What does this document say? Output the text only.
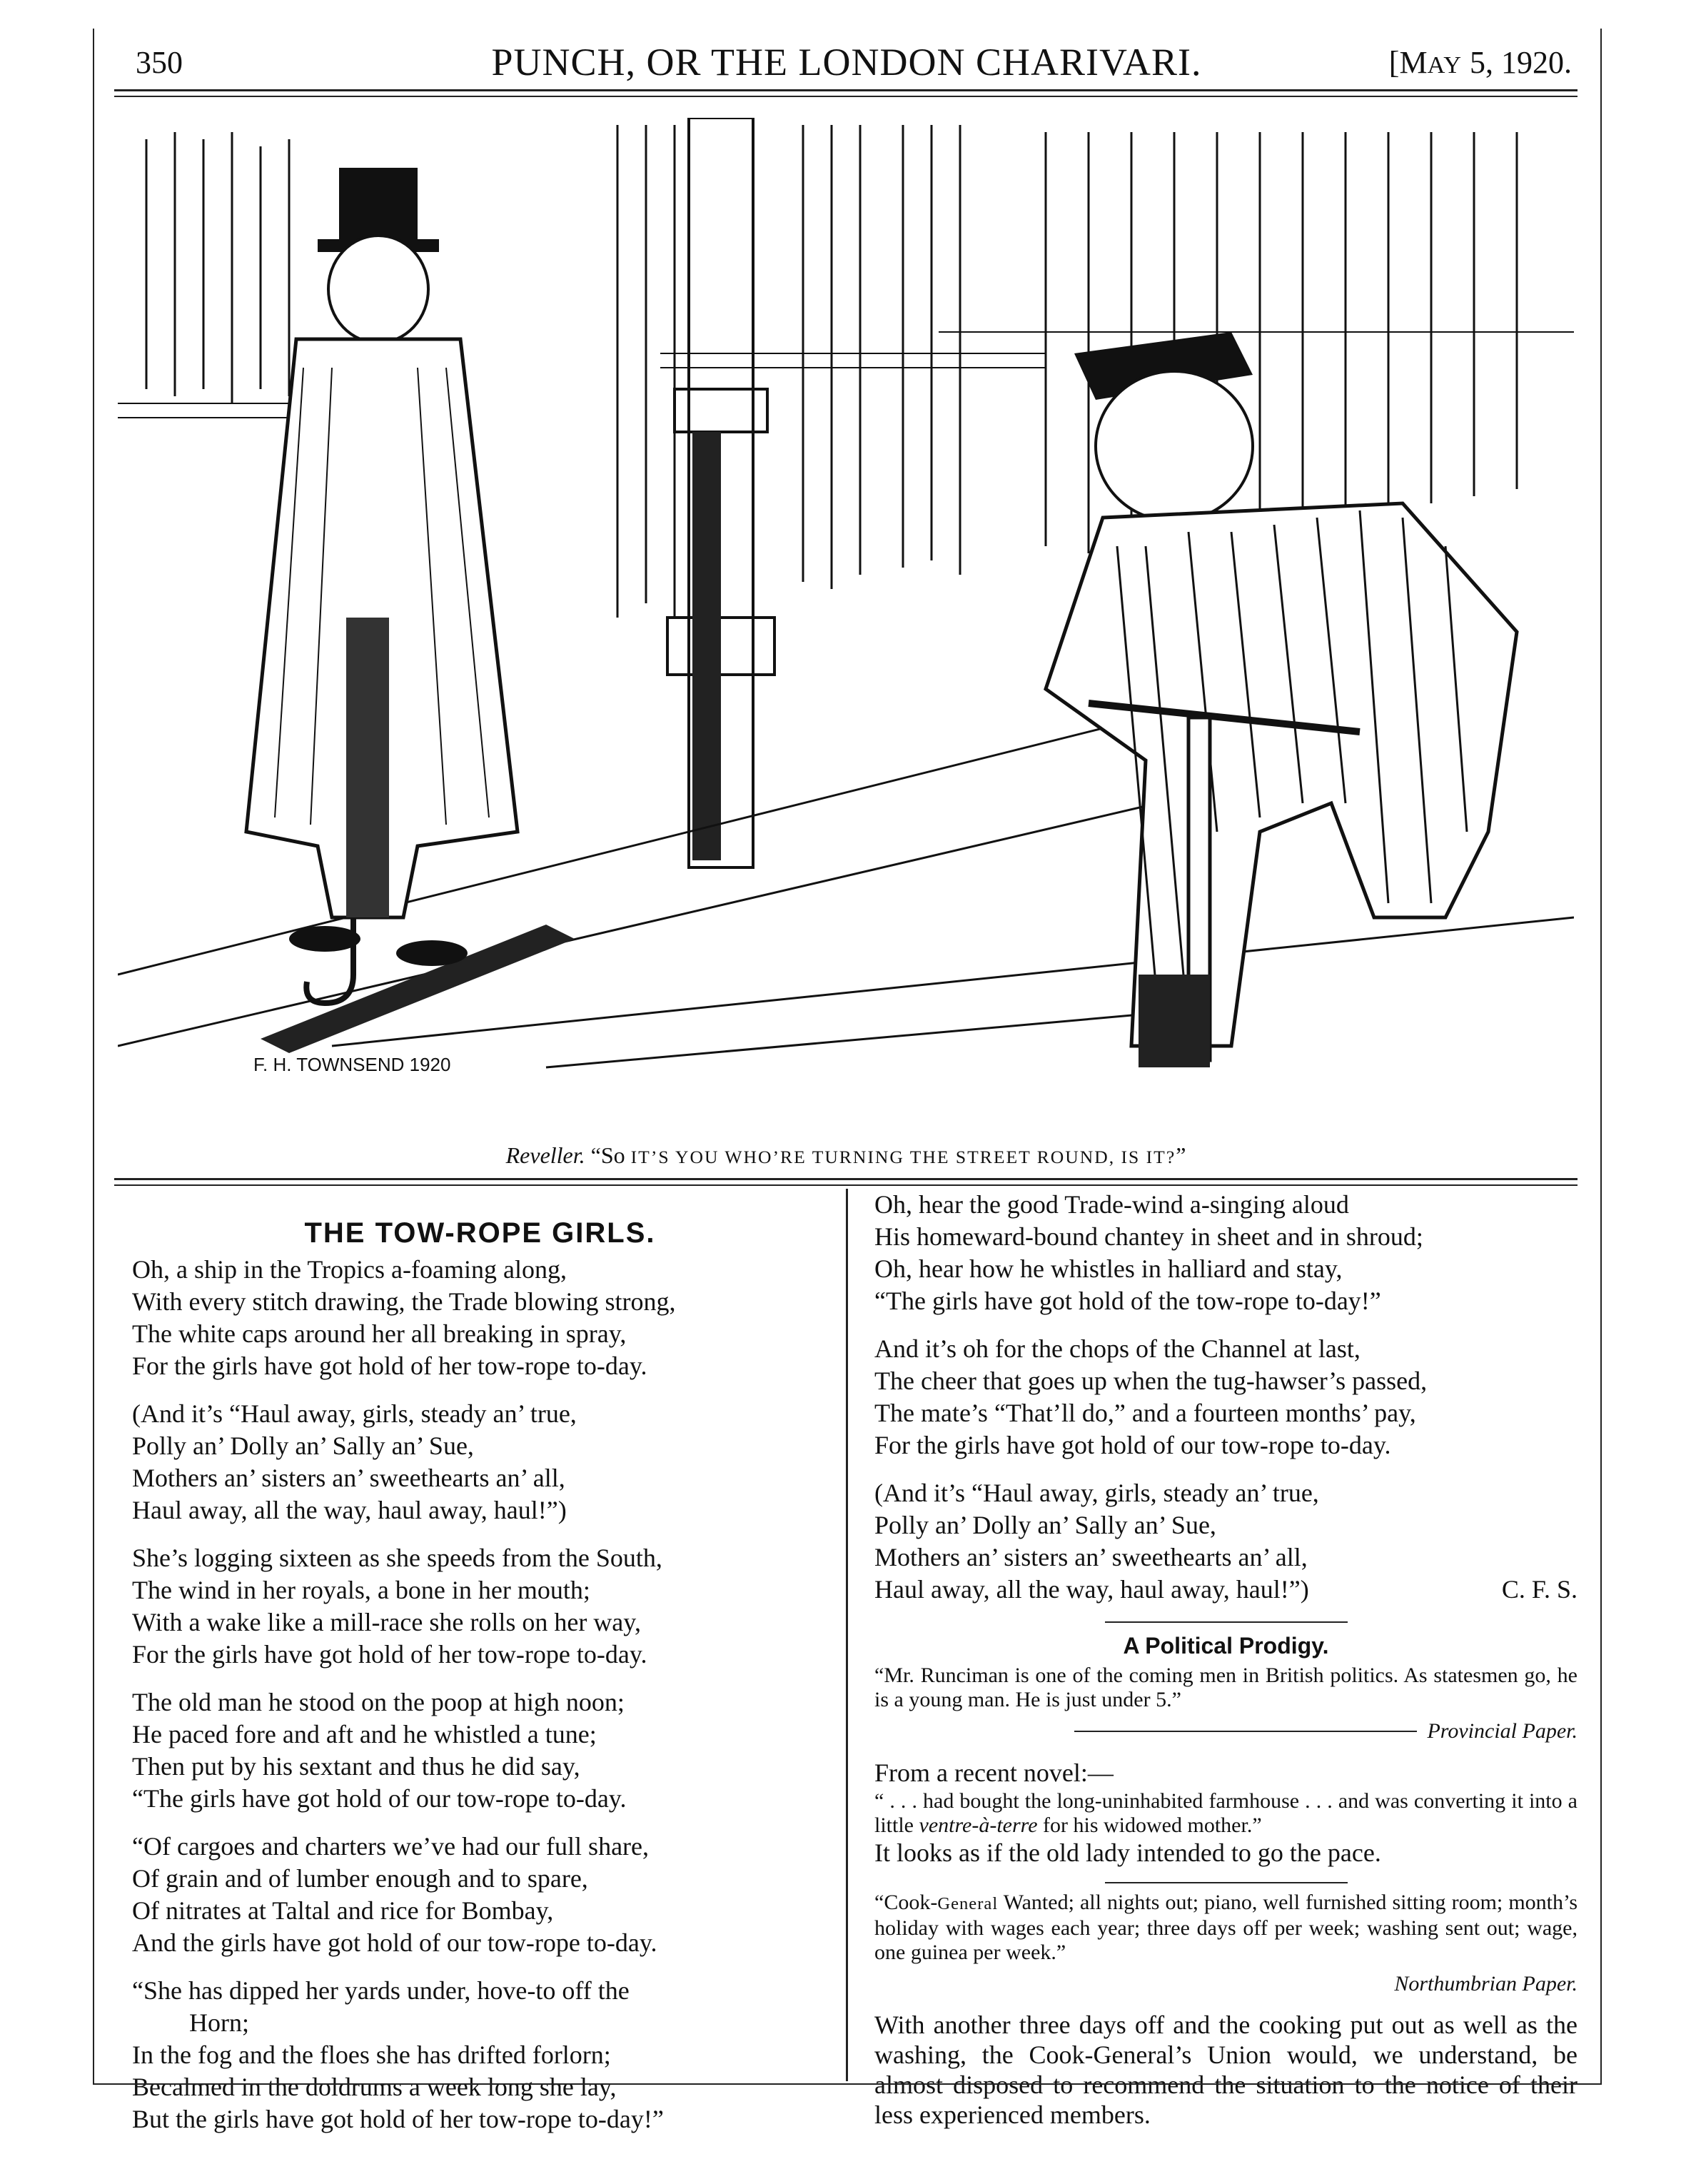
350	PUNCH, OR THE LONDON CHARIVARI.	[MAY 5, 1920.
F. H. TOWNSEND 1920
Reveller. “So IT’S YOU WHO’RE TURNING THE STREET ROUND, IS IT?”
THE TOW-ROPE GIRLS.
Oh, a ship in the Tropics a-foaming along,
With every stitch drawing, the Trade blowing strong,
The white caps around her all breaking in spray,
For the girls have got hold of her tow-rope to-day.
(And it’s “Haul away, girls, steady an’ true,
Polly an’ Dolly an’ Sally an’ Sue,
Mothers an’ sisters an’ sweethearts an’ all,
Haul away, all the way, haul away, haul!”)
She’s logging sixteen as she speeds from the South,
The wind in her royals, a bone in her mouth;
With a wake like a mill-race she rolls on her way,
For the girls have got hold of her tow-rope to-day.
The old man he stood on the poop at high noon;
He paced fore and aft and he whistled a tune;
Then put by his sextant and thus he did say,
“The girls have got hold of our tow-rope to-day.
“Of cargoes and charters we’ve had our full share,
Of grain and of lumber enough and to spare,
Of nitrates at Taltal and rice for Bombay,
And the girls have got hold of our tow-rope to-day.
“She has dipped her yards under, hove-to off the
Horn;
In the fog and the floes she has drifted forlorn;
Becalmed in the doldrums a week long she lay,
But the girls have got hold of her tow-rope to-day!”
Oh, hear the good Trade-wind a-singing aloud
His homeward-bound chantey in sheet and in shroud;
Oh, hear how he whistles in halliard and stay,
“The girls have got hold of the tow-rope to-day!”
And it’s oh for the chops of the Channel at last,
The cheer that goes up when the tug-hawser’s passed,
The mate’s “That’ll do,” and a fourteen months’ pay,
For the girls have got hold of our tow-rope to-day.
(And it’s “Haul away, girls, steady an’ true,
Polly an’ Dolly an’ Sally an’ Sue,
Mothers an’ sisters an’ sweethearts an’ all,
Haul away, all the way, haul away, haul!”)	C. F. S.
A Political Prodigy.
“Mr. Runciman is one of the coming men in British politics. As statesmen go, he is a young man. He is just under 5.”
Provincial Paper.
From a recent novel:—
“ . . . had bought the long-uninhabited farmhouse . . . and was converting it into a little ventre-à-terre for his widowed mother.”
It looks as if the old lady intended to go the pace.
“Cook-General Wanted; all nights out; piano, well furnished sitting room; month’s holiday with wages each year; three days off per week; washing sent out; wage, one guinea per week.”
Northumbrian Paper.
With another three days off and the cooking put out as well as the washing, the Cook-General’s Union would, we understand, be almost disposed to recommend the situation to the notice of their less experienced members.
